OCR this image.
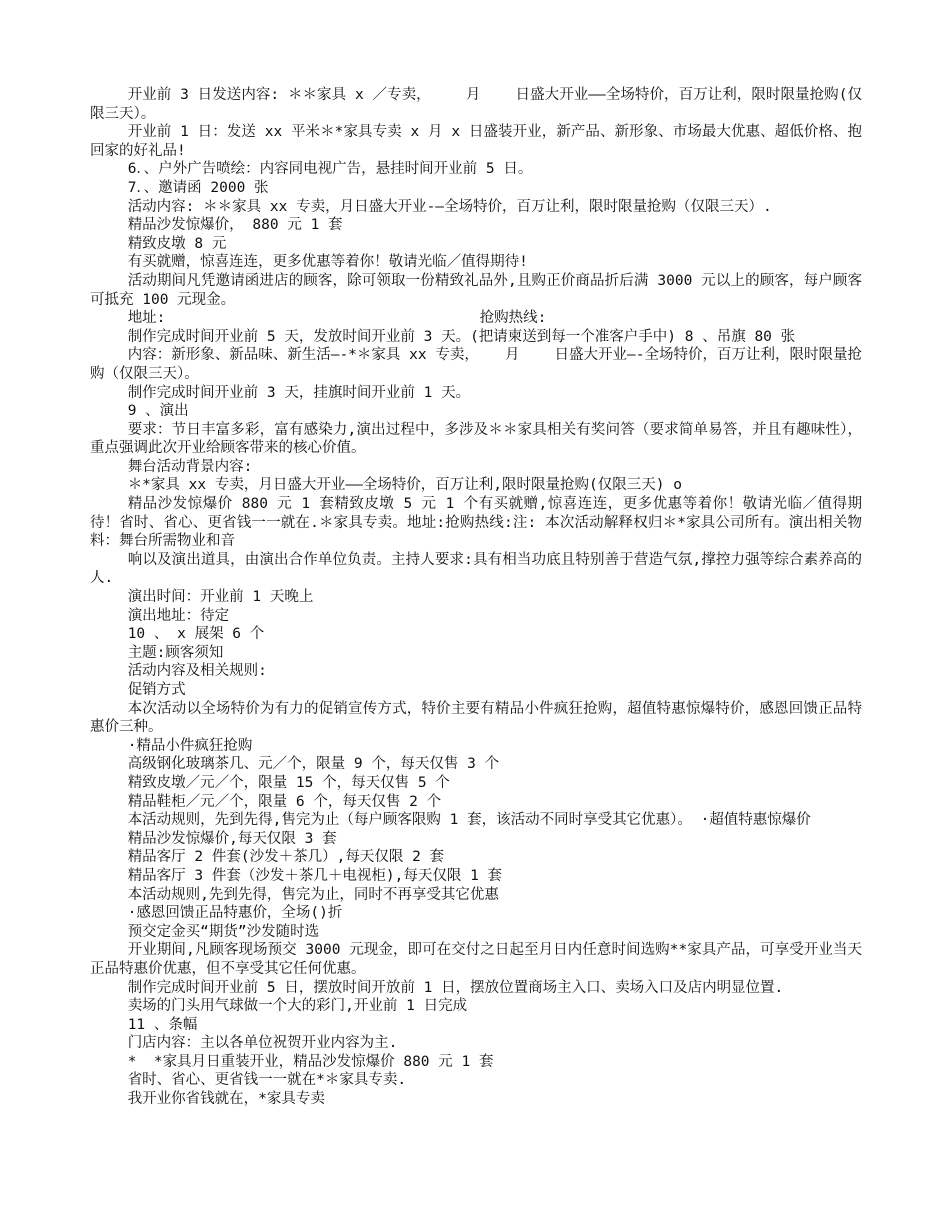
开业前 3 日发送内容: ＊＊家具 x ／专卖，    月    日盛大开业——全场特价，百万让利，限时限量抢购(仅限三天）。

开业前 1 日：发送 xx 平米＊*家具专卖 x 月 x 日盛装开业，新产品、新形象、市场最大优惠、超低价格、抱回家的好礼品!

6．、户外广告喷绘：内容同电视广告，悬挂时间开业前 5 日。

7．、邀请函 2000 张

活动内容: ＊＊家具 xx 专卖，月日盛大开业-—全场特价，百万让利，限时限量抢购（仅限三天）.

精品沙发惊爆价， 880 元 1 套

精致皮墩 8 元

有买就赠，惊喜连连，更多优惠等着你！敬请光临／值得期待!

活动期间凡凭邀请函进店的顾客，除可领取一份精致礼品外,且购正价商品折后满 3000 元以上的顾客，每户顾客可抵充 100 元现金。

地址:                                    抢购热线:

制作完成时间开业前 5 天，发放时间开业前 3 天。(把请柬送到每一个准客户手中) 8 、吊旗 80 张

内容：新形象、新品味、新生活—-*＊家具 xx 专卖，   月    日盛大开业—-全场特价，百万让利，限时限量抢购（仅限三天）。

制作完成时间开业前 3 天，挂旗时间开业前 1 天。

9 、演出

要求：节日丰富多彩，富有感染力,演出过程中，多涉及＊＊家具相关有奖问答（要求简单易答，并且有趣味性），重点强调此次开业给顾客带来的核心价值。

舞台活动背景内容:

＊*家具 xx 专卖，月日盛大开业——全场特价，百万让利,限时限量抢购(仅限三天) o

精品沙发惊爆价 880 元 1 套精致皮墩 5 元 1 个有买就赠,惊喜连连，更多优惠等着你！敬请光临／值得期待！省时、省心、更省钱一一就在.＊家具专卖。地址:抢购热线:注: 本次活动解释权归＊*家具公司所有。演出相关物料：舞台所需物业和音

响以及演出道具，由演出合作单位负责。主持人要求:具有相当功底且特别善于营造气氛,撑控力强等综合素养高的人.

演出时间：开业前 1 天晚上

演出地址：待定

10 、 x 展架 6 个

主题:顾客须知

活动内容及相关规则:

促销方式

本次活动以全场特价为有力的促销宣传方式，特价主要有精品小件疯狂抢购，超值特惠惊爆特价，感恩回馈正品特惠价三种。

·精品小件疯狂抢购

高级钢化玻璃茶几、元／个，限量 9 个，每天仅售 3 个

精致皮墩／元／个，限量 15 个，每天仅售 5 个

精品鞋柜／元／个，限量 6 个，每天仅售 2 个

本活动规则，先到先得,售完为止（每户顾客限购 1 套，该活动不同时享受其它优惠）。 ·超值特惠惊爆价

精品沙发惊爆价,每天仅限 3 套

精品客厅 2 件套(沙发＋茶几）,每天仅限 2 套

精品客厅 3 件套（沙发＋茶几＋电视柜),每天仅限 1 套

本活动规则,先到先得，售完为止，同时不再享受其它优惠

·感恩回馈正品特惠价，全场()折

预交定金买“期货”沙发随时选

开业期间,凡顾客现场预交 3000 元现金，即可在交付之日起至月日内任意时间选购**家具产品，可享受开业当天正品特惠价优惠，但不享受其它任何优惠。

制作完成时间开业前 5 日，摆放时间开放前 1 日，摆放位置商场主入口、卖场入口及店内明显位置.

卖场的门头用气球做一个大的彩门,开业前 1 日完成

11 、条幅

门店内容：主以各单位祝贺开业内容为主.

*  *家具月日重装开业，精品沙发惊爆价 880 元 1 套

省时、省心、更省钱一一就在*＊家具专卖.

我开业你省钱就在，*家具专卖
